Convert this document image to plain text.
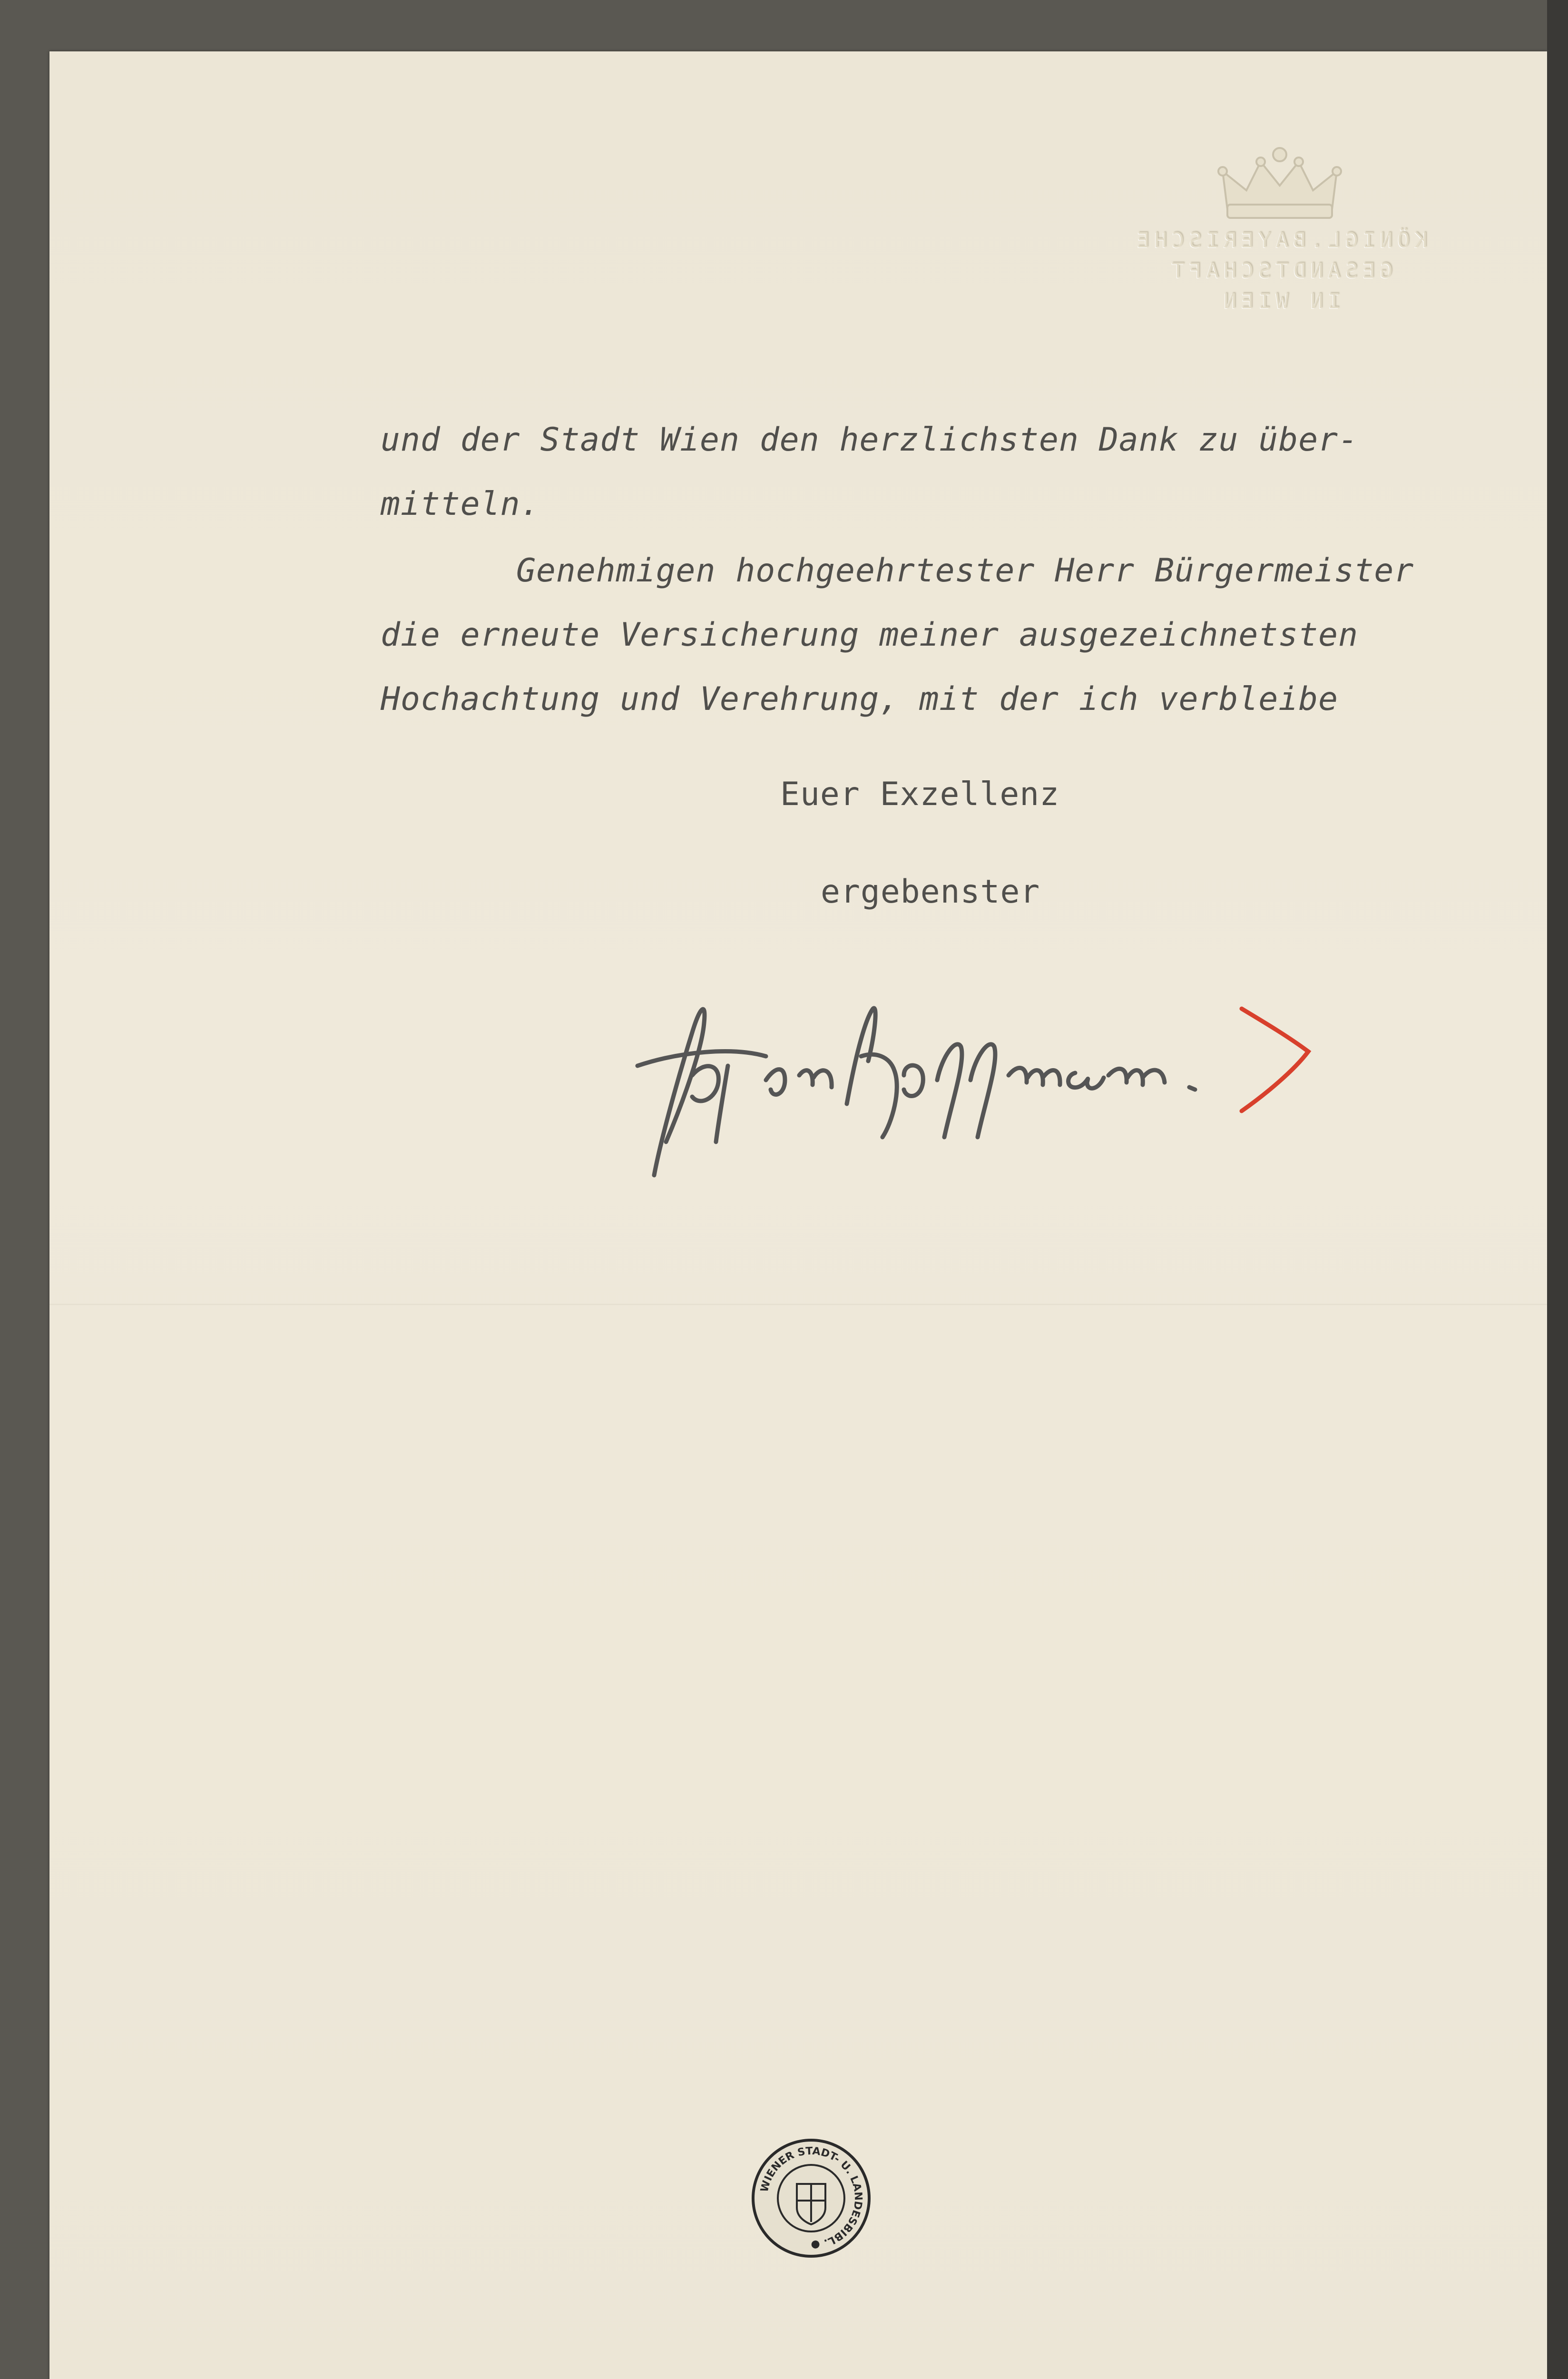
KÖNIGL.BAYERISCHE
GESANDTSCHAFT
IN WIEN
und der Stadt Wien den herzlichsten Dank zu über-
mitteln.
Genehmigen hochgeehrtester Herr Bürgermeister
die erneute Versicherung meiner ausgezeichnetsten
Hochachtung und Verehrung, mit der ich verbleibe
Euer Exzellenz
ergebenster
WIENER STADT- U. LANDESBIBL. ●
